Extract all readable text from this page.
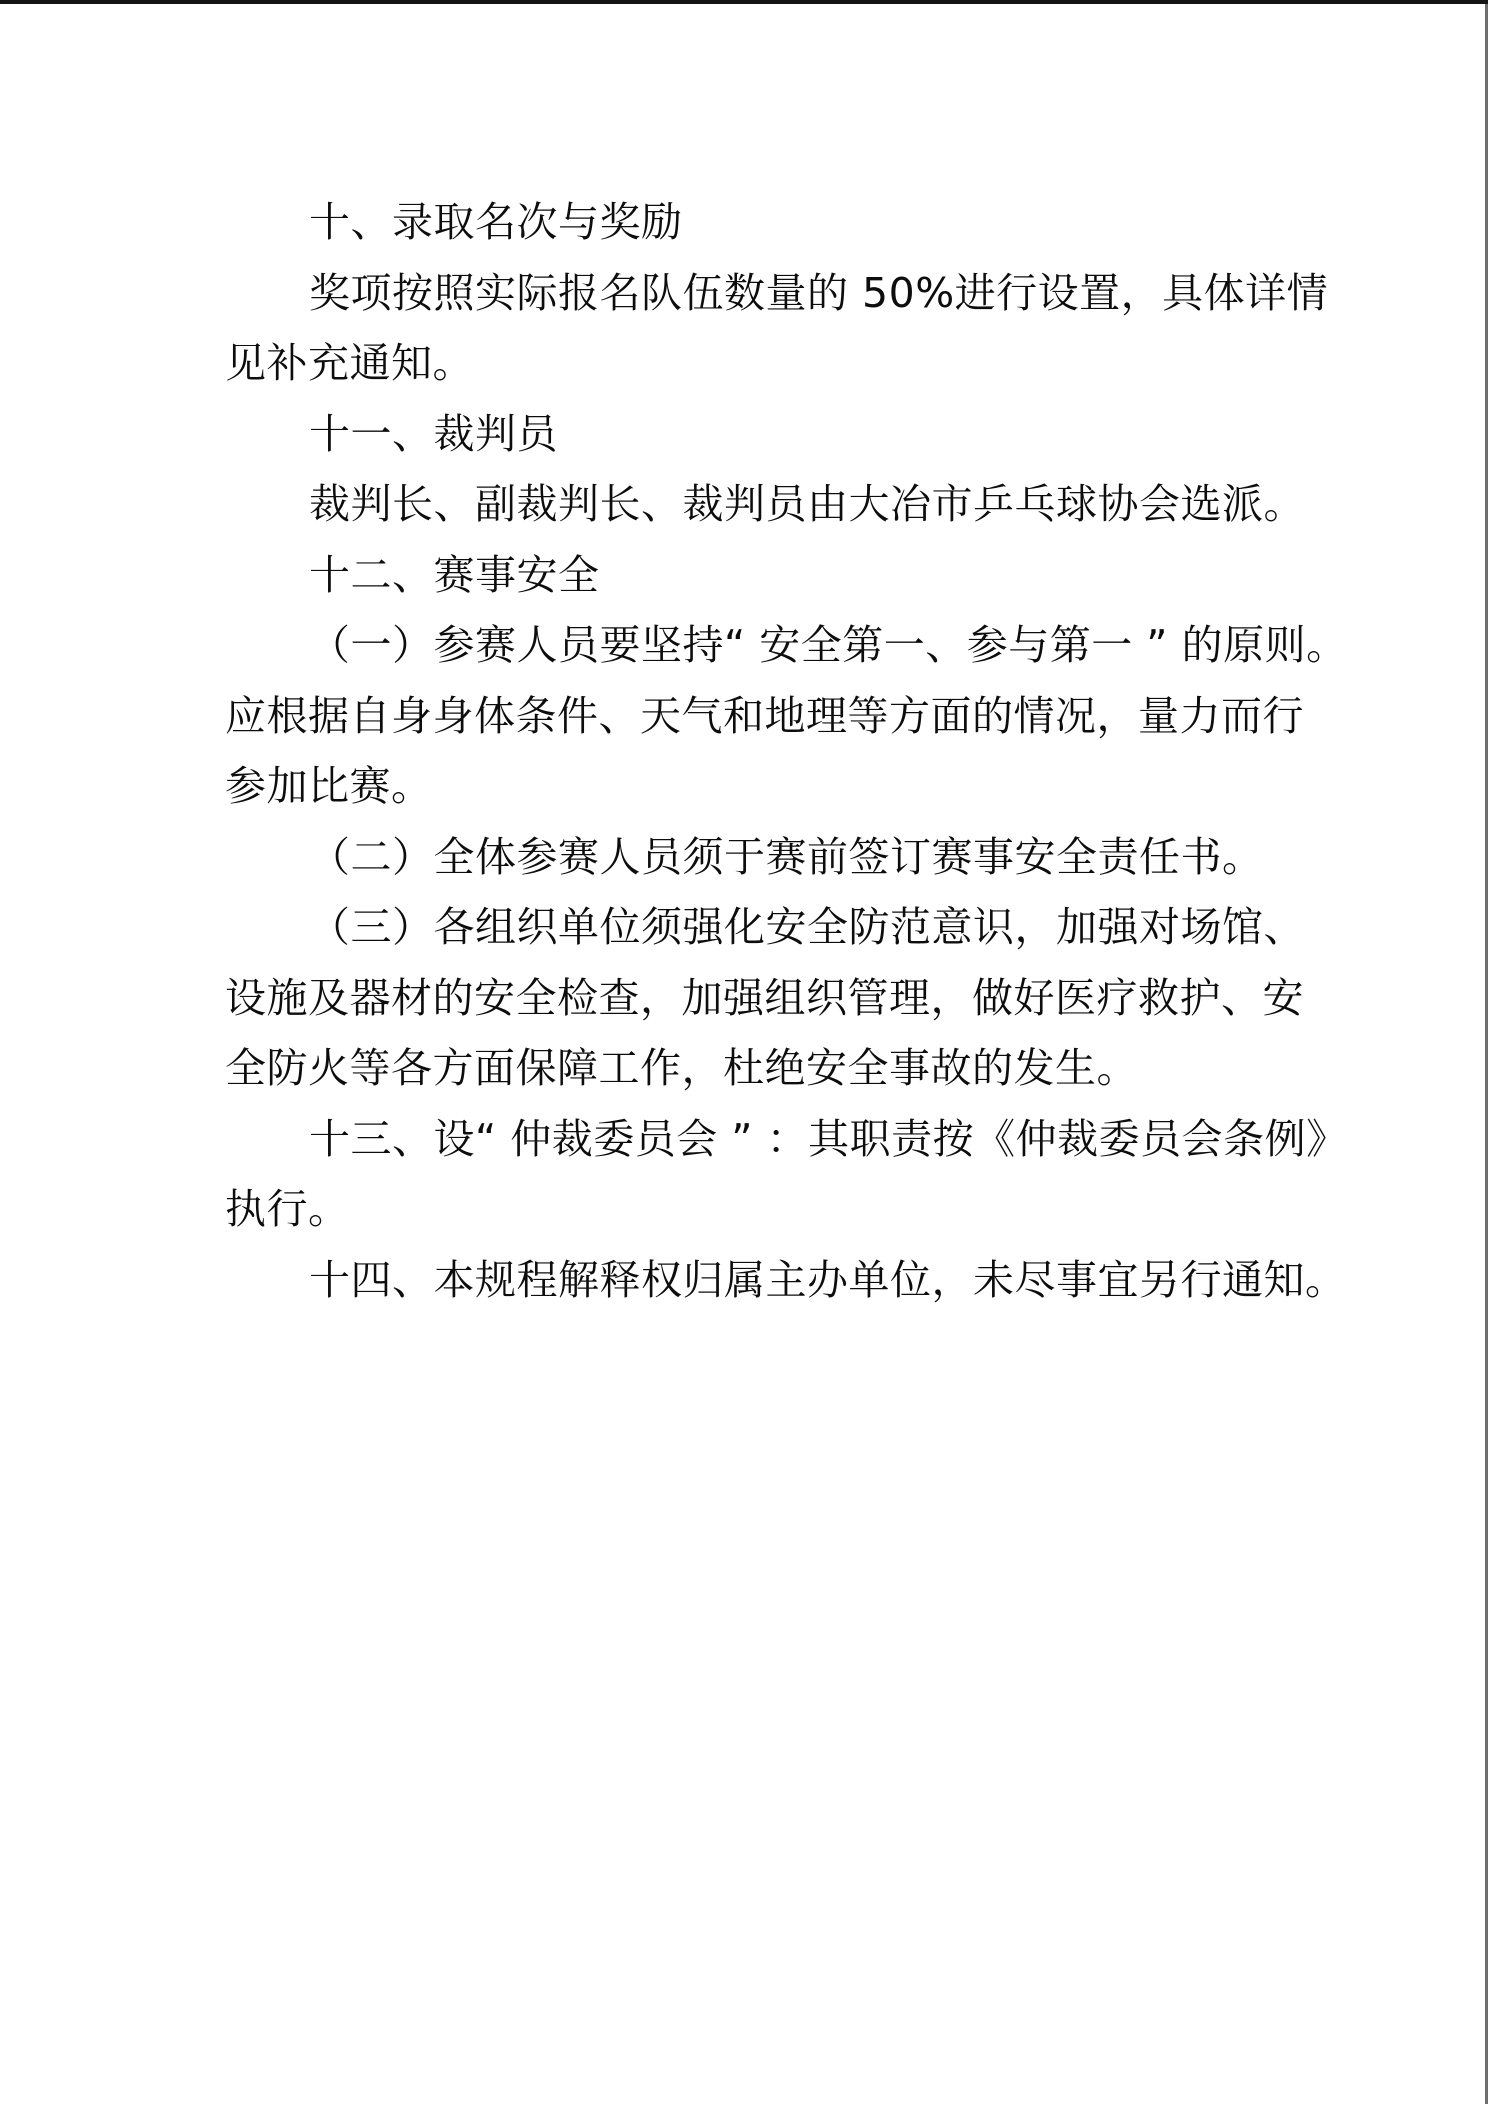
十、录取名次与奖励
奖项按照实际报名队伍数量的 50%进行设置，具体详情
见补充通知。
十一、裁判员
裁判长、副裁判长、裁判员由大冶市乒乓球协会选派。
十二、赛事安全
（一）参赛人员要坚持“ 安全第一、参与第一 ” 的原则。
应根据自身身体条件、天气和地理等方面的情况，量力而行
参加比赛。
（二）全体参赛人员须于赛前签订赛事安全责任书。
（三）各组织单位须强化安全防范意识，加强对场馆、
设施及器材的安全检查，加强组织管理，做好医疗救护、安
全防火等各方面保障工作，杜绝安全事故的发生。
十三、设“ 仲裁委员会 ” ：其职责按《仲裁委员会条例》
执行。
十四、本规程解释权归属主办单位，未尽事宜另行通知。
